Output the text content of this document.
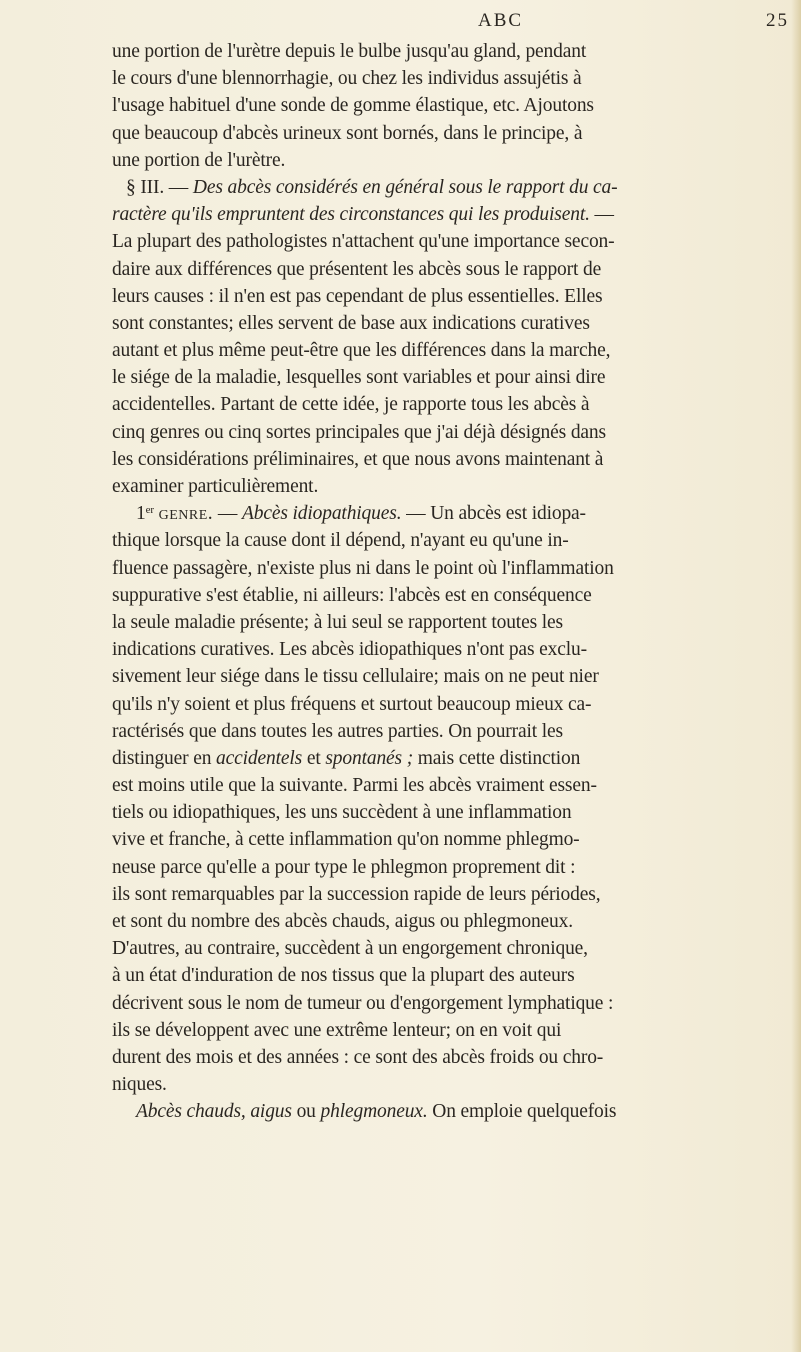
ABC	25
une portion de l'urètre depuis le bulbe jusqu'au gland, pendant
le cours d'une blennorrhagie, ou chez les individus assujétis à
l'usage habituel d'une sonde de gomme élastique, etc. Ajoutons
que beaucoup d'abcès urineux sont bornés, dans le principe, à
une portion de l'urètre.
§ III. — Des abcès considérés en général sous le rapport du ca-
ractère qu'ils empruntent des circonstances qui les produisent. —
La plupart des pathologistes n'attachent qu'une importance secon-
daire aux différences que présentent les abcès sous le rapport de
leurs causes : il n'en est pas cependant de plus essentielles. Elles
sont constantes; elles servent de base aux indications curatives
autant et plus même peut-être que les différences dans la marche,
le siége de la maladie, lesquelles sont variables et pour ainsi dire
accidentelles. Partant de cette idée, je rapporte tous les abcès à
cinq genres ou cinq sortes principales que j'ai déjà désignés dans
les considérations préliminaires, et que nous avons maintenant à
examiner particulièrement.
1er genre. — Abcès idiopathiques. — Un abcès est idiopa-
thique lorsque la cause dont il dépend, n'ayant eu qu'une in-
fluence passagère, n'existe plus ni dans le point où l'inflammation
suppurative s'est établie, ni ailleurs: l'abcès est en conséquence
la seule maladie présente; à lui seul se rapportent toutes les
indications curatives. Les abcès idiopathiques n'ont pas exclu-
sivement leur siége dans le tissu cellulaire; mais on ne peut nier
qu'ils n'y soient et plus fréquens et surtout beaucoup mieux ca-
ractérisés que dans toutes les autres parties. On pourrait les
distinguer en accidentels et spontanés ; mais cette distinction
est moins utile que la suivante. Parmi les abcès vraiment essen-
tiels ou idiopathiques, les uns succèdent à une inflammation
vive et franche, à cette inflammation qu'on nomme phlegmo-
neuse parce qu'elle a pour type le phlegmon proprement dit :
ils sont remarquables par la succession rapide de leurs périodes,
et sont du nombre des abcès chauds, aigus ou phlegmoneux.
D'autres, au contraire, succèdent à un engorgement chronique,
à un état d'induration de nos tissus que la plupart des auteurs
décrivent sous le nom de tumeur ou d'engorgement lymphatique :
ils se développent avec une extrême lenteur; on en voit qui
durent des mois et des années : ce sont des abcès froids ou chro-
niques.
Abcès chauds, aigus ou phlegmoneux. On emploie quelquefois
